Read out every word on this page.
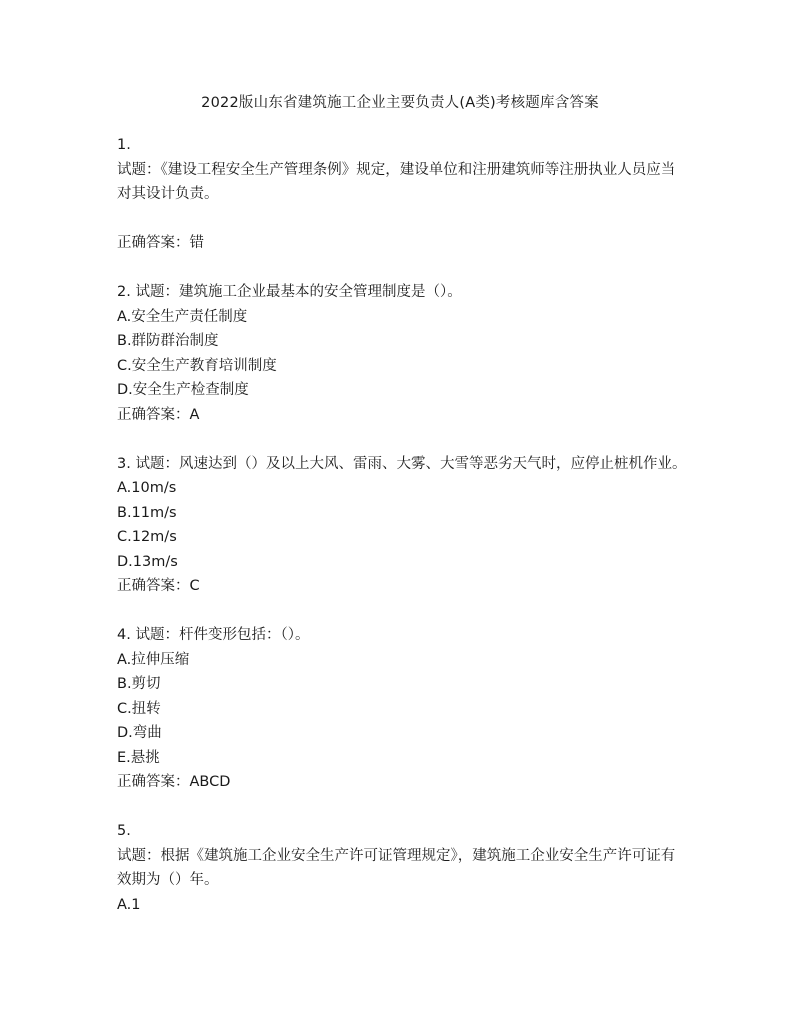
2022版山东省建筑施工企业主要负责人(A类)考核题库含答案
1.
试题：《建设工程安全生产管理条例》规定，建设单位和注册建筑师等注册执业人员应当
对其设计负责。
正确答案：错
2. 试题：建筑施工企业最基本的安全管理制度是（）。
A.安全生产责任制度
B.群防群治制度
C.安全生产教育培训制度
D.安全生产检查制度
正确答案：A
3. 试题：风速达到（）及以上大风、雷雨、大雾、大雪等恶劣天气时，应停止桩机作业。
A.10m/s
B.11m/s
C.12m/s
D.13m/s
正确答案：C
4. 试题：杆件变形包括：（）。
A.拉伸压缩
B.剪切
C.扭转
D.弯曲
E.悬挑
正确答案：ABCD
5.
试题：根据《建筑施工企业安全生产许可证管理规定》，建筑施工企业安全生产许可证有
效期为（）年。
A.1
